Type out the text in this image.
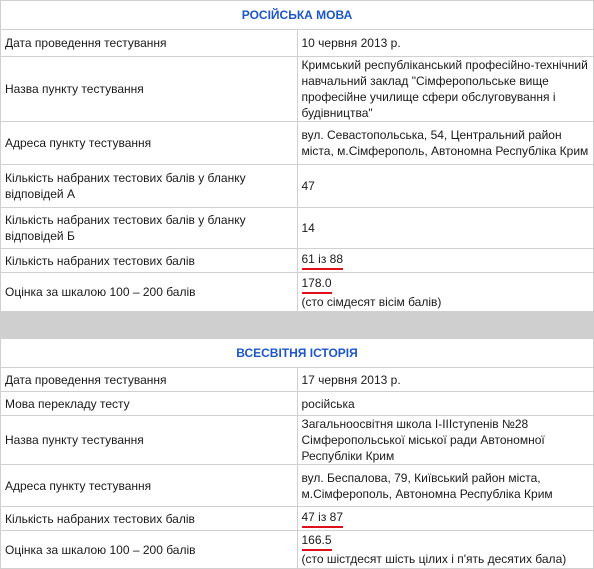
РОСІЙСЬКА МОВА	
Дата проведення тестування	10 червня 2013 р.
Назва пункту тестування	Кримський республіканський професійно-технічний навчальний заклад "Сімферопольське вище професійне училище сфери обслуговування і будівництва"
Адреса пункту тестування	вул. Севастопольська, 54, Центральний район міста, м.Сімферополь, Автономна Республіка Крим
Кількість набраних тестових балів у бланку відповідей А	47
Кількість набраних тестових балів у бланку відповідей Б	14
Кількість набраних тестових балів	61 із 88
Оцінка за шкалою 100 – 200 балів	178.0
(сто сімдесят вісім балів)

ВСЕСВІТНЯ ІСТОРІЯ	
Дата проведення тестування	17 червня 2013 р.
Мова перекладу тесту	російська
Назва пункту тестування	Загальноосвітня школа І-ІІІступенів №28 Сімферопольської міської ради Автономної Республіки Крим
Адреса пункту тестування	вул. Беспалова, 79, Київський район міста, м.Сімферополь, Автономна Республіка Крим
Кількість набраних тестових балів	47 із 87
Оцінка за шкалою 100 – 200 балів	166.5
(сто шістдесят шість цілих і п'ять десятих бала)
